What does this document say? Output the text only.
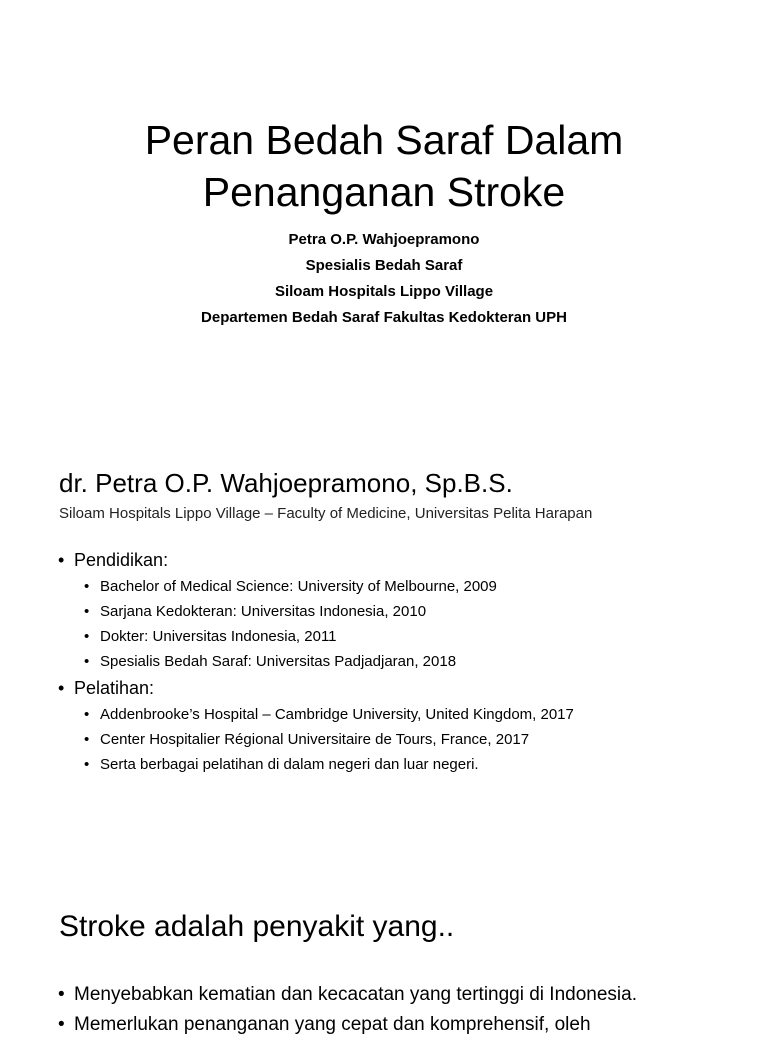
Peran Bedah Saraf Dalam
Penanganan Stroke
Petra O.P. Wahjoepramono
Spesialis Bedah Saraf
Siloam Hospitals Lippo Village
Departemen Bedah Saraf Fakultas Kedokteran UPH
dr. Petra O.P. Wahjoepramono, Sp.B.S.
Siloam Hospitals Lippo Village – Faculty of Medicine, Universitas Pelita Harapan
• Pendidikan:
• Bachelor of Medical Science: University of Melbourne, 2009
• Sarjana Kedokteran: Universitas Indonesia, 2010
• Dokter: Universitas Indonesia, 2011
• Spesialis Bedah Saraf: Universitas Padjadjaran, 2018
• Pelatihan:
• Addenbrooke’s Hospital – Cambridge University, United Kingdom, 2017
• Center Hospitalier Régional Universitaire de Tours, France, 2017
• Serta berbagai pelatihan di dalam negeri dan luar negeri.
Stroke adalah penyakit yang..
• Menyebabkan kematian dan kecacatan yang tertinggi di Indonesia.
• Memerlukan penanganan yang cepat dan komprehensif, oleh
